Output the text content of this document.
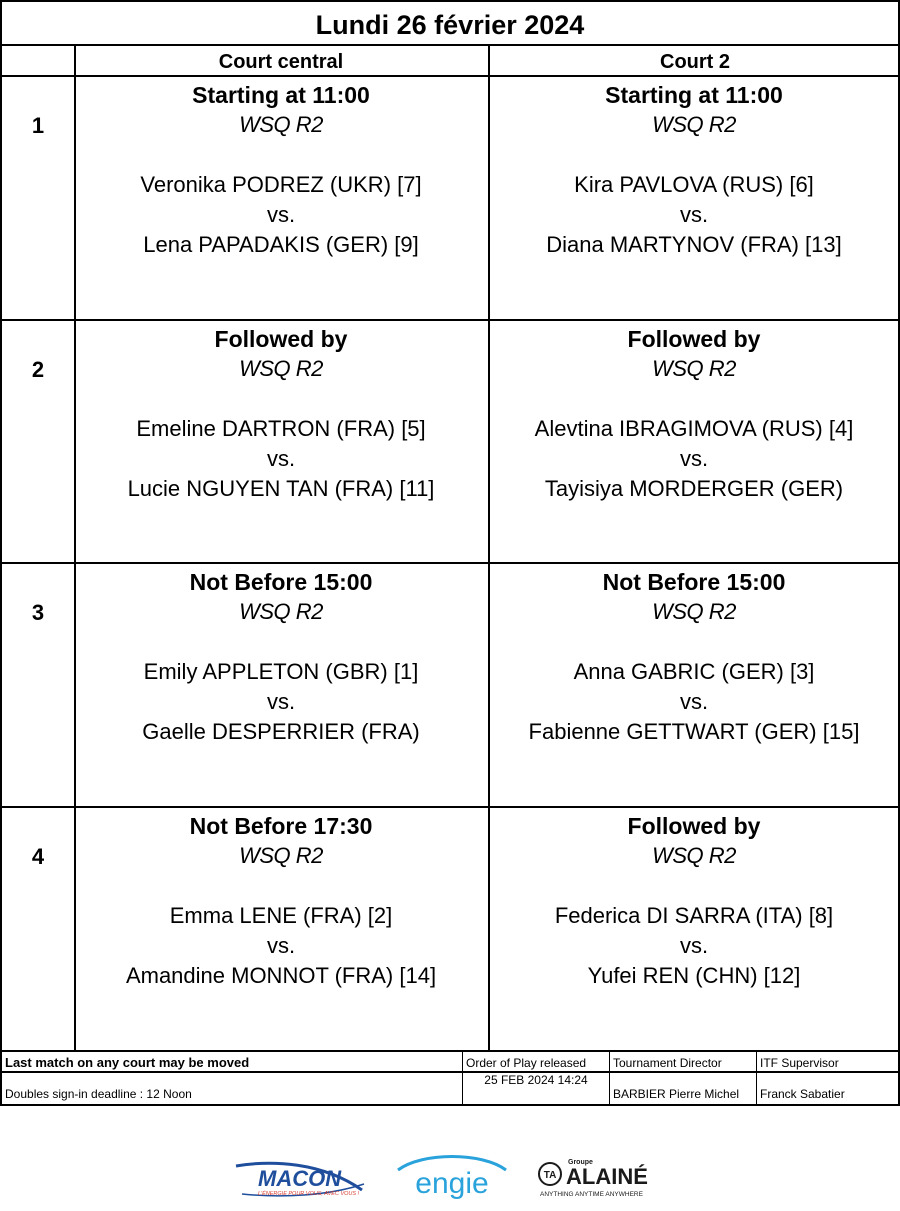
Lundi 26 février 2024
Court central	Court 2
1
Starting at 11:00
WSQ R2
Veronika PODREZ (UKR) [7]
vs.
Lena PAPADAKIS (GER) [9]
Starting at 11:00
WSQ R2
Kira PAVLOVA (RUS) [6]
vs.
Diana MARTYNOV (FRA) [13]
2
Followed by
WSQ R2
Emeline DARTRON (FRA) [5]
vs.
Lucie NGUYEN TAN (FRA) [11]
Followed by
WSQ R2
Alevtina IBRAGIMOVA (RUS) [4]
vs.
Tayisiya MORDERGER (GER)
3
Not Before 15:00
WSQ R2
Emily APPLETON (GBR) [1]
vs.
Gaelle DESPERRIER (FRA)
Not Before 15:00
WSQ R2
Anna GABRIC (GER) [3]
vs.
Fabienne GETTWART (GER) [15]
4
Not Before 17:30
WSQ R2
Emma LENE (FRA) [2]
vs.
Amandine MONNOT (FRA) [14]
Followed by
WSQ R2
Federica DI SARRA (ITA) [8]
vs.
Yufei REN (CHN) [12]
Last match on any court may be moved
Doubles sign-in deadline : 12 Noon
Order of Play released
25 FEB 2024 14:24
Tournament Director
BARBIER Pierre Michel
ITF Supervisor
Franck Sabatier
MACON
L'ÉNERGIE POUR VOUS, AVEC VOUS ! engie	TA
Groupe
ALAINÉ
ANYTHING ANYTIME ANYWHERE
